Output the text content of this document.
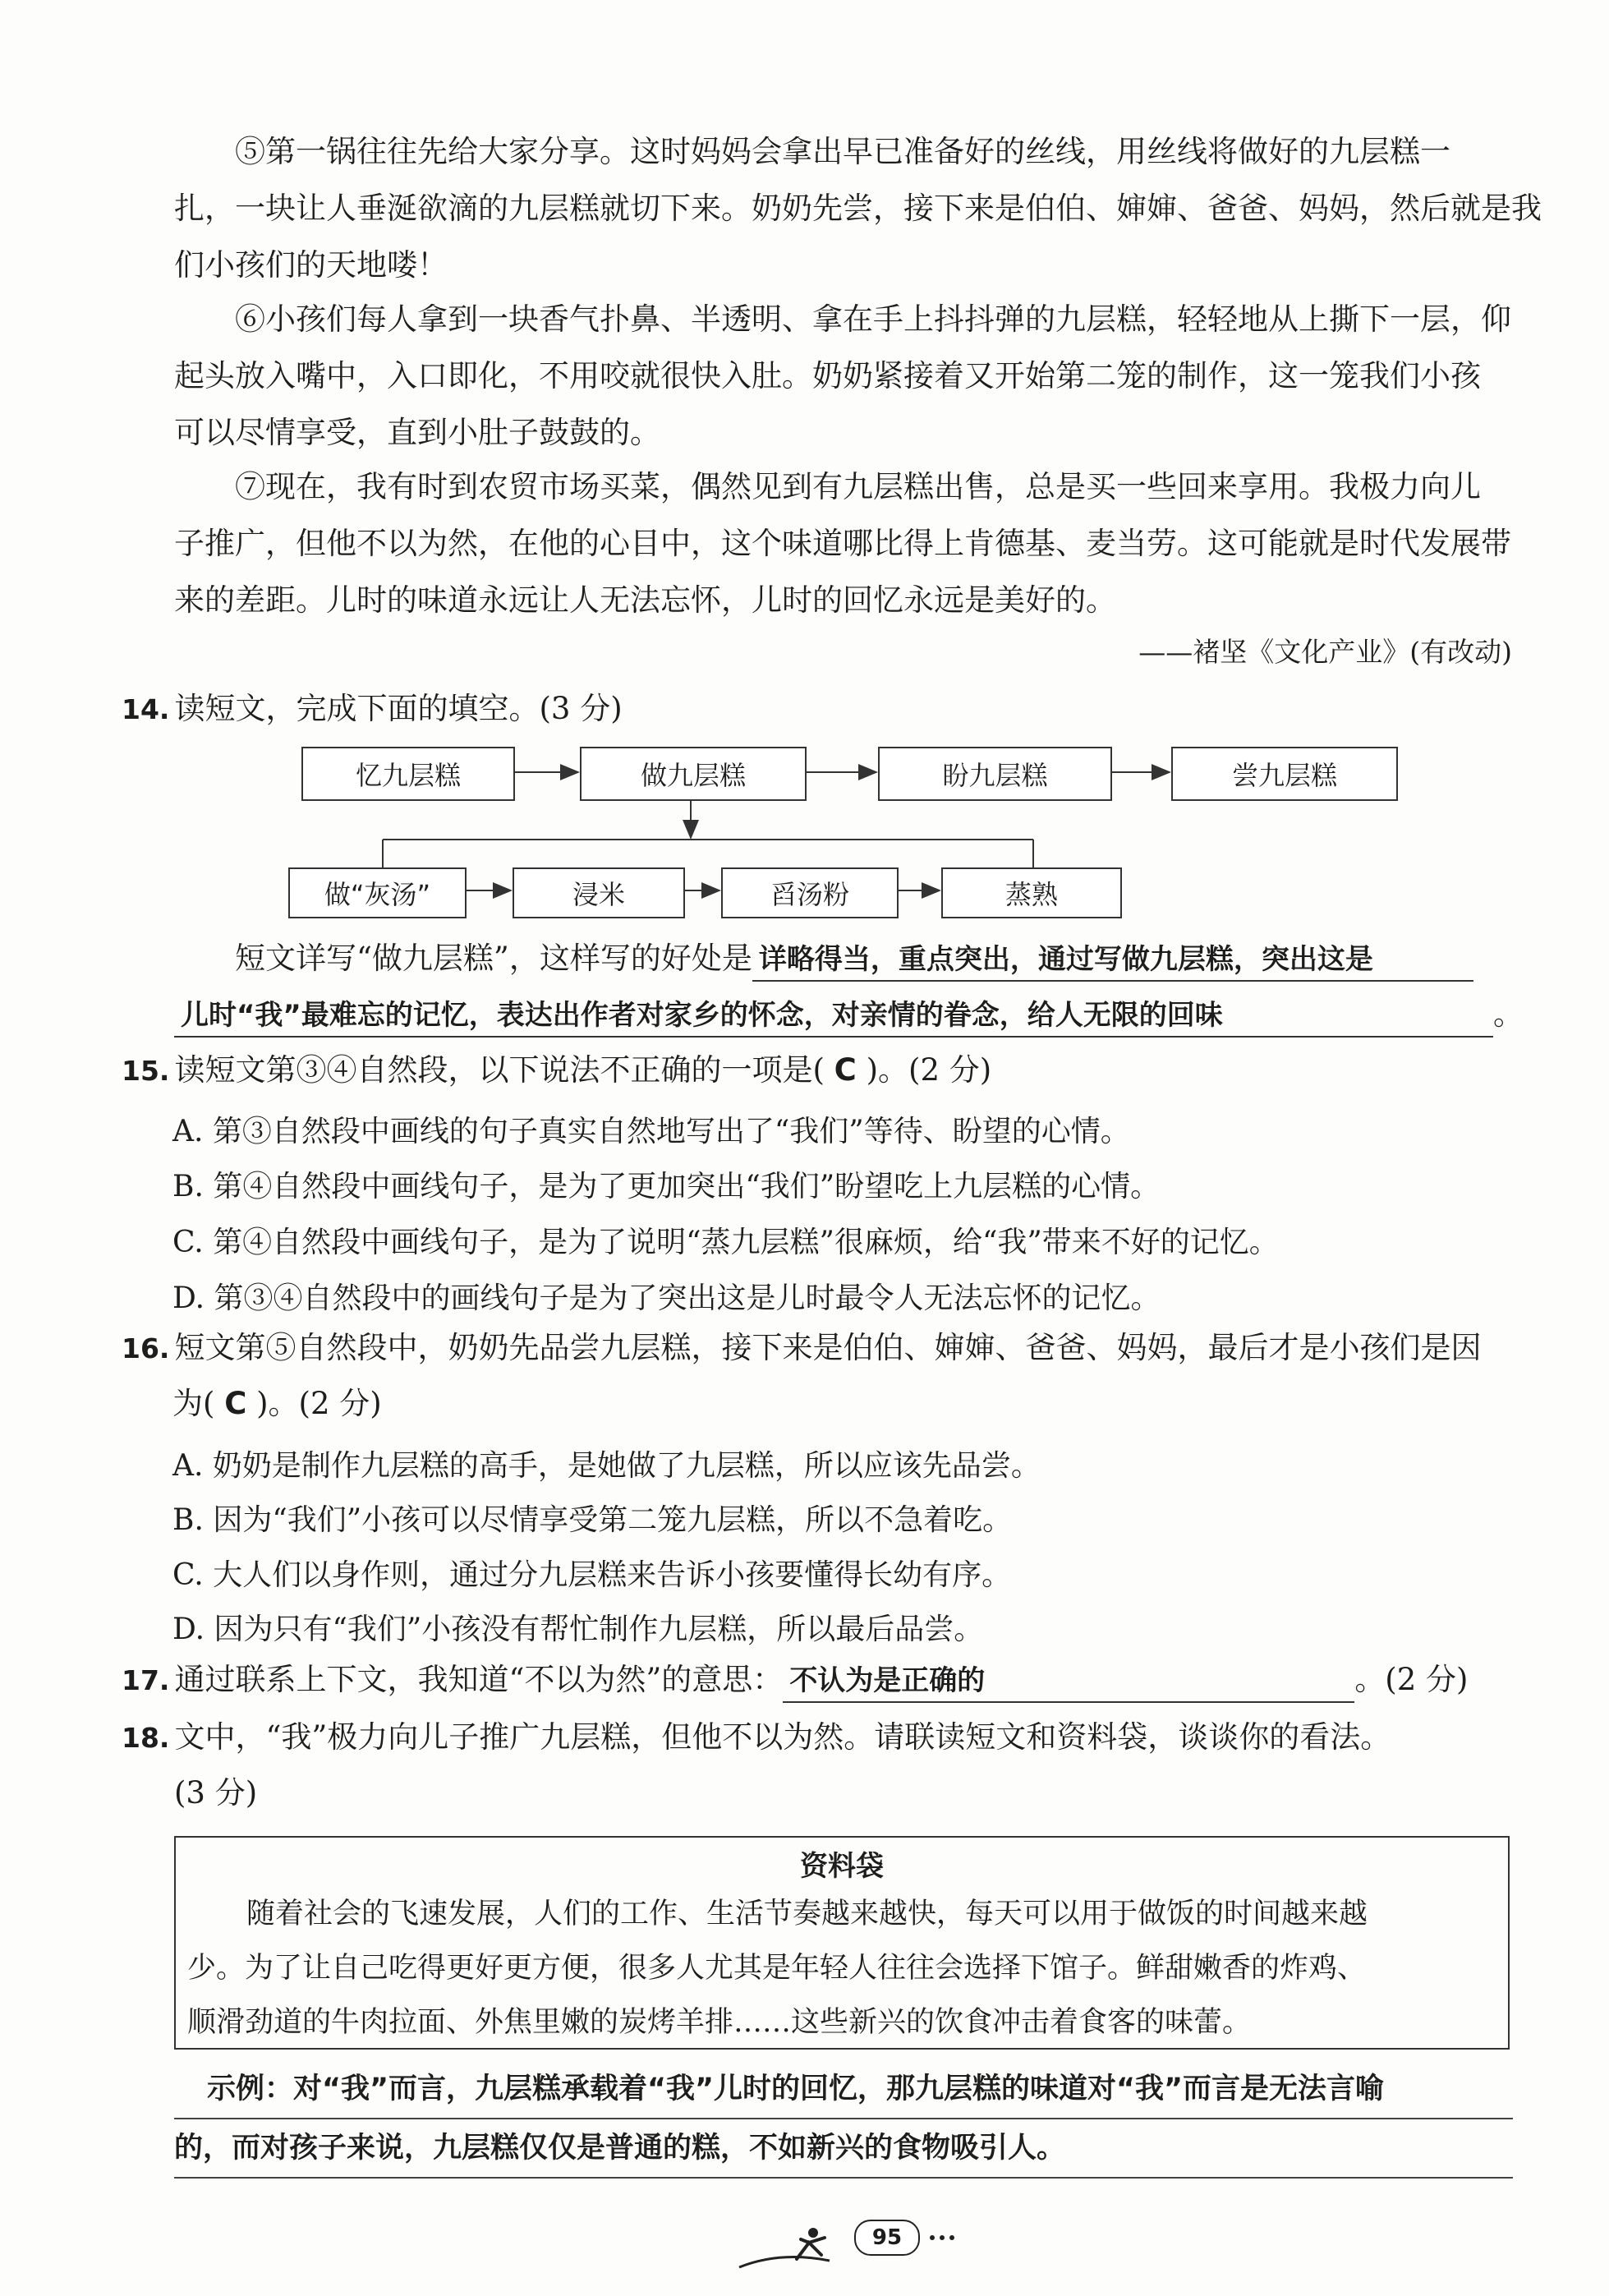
⑤第一锅往往先给大家分享。这时妈妈会拿出早已准备好的丝线，用丝线将做好的九层糕一
扎，一块让人垂涎欲滴的九层糕就切下来。奶奶先尝，接下来是伯伯、婶婶、爸爸、妈妈，然后就是我
们小孩们的天地喽！

⑥小孩们每人拿到一块香气扑鼻、半透明、拿在手上抖抖弹的九层糕，轻轻地从上撕下一层，仰
起头放入嘴中，入口即化，不用咬就很快入肚。奶奶紧接着又开始第二笼的制作，这一笼我们小孩
可以尽情享受，直到小肚子鼓鼓的。

⑦现在，我有时到农贸市场买菜，偶然见到有九层糕出售，总是买一些回来享用。我极力向儿
子推广，但他不以为然，在他的心目中，这个味道哪比得上肯德基、麦当劳。这可能就是时代发展带
来的差距。儿时的味道永远让人无法忘怀，儿时的回忆永远是美好的。

——褚坚《文化产业》(有改动)
14. 读短文，完成下面的填空。(3 分)
忆九层糕	做九层糕	盼九层糕	尝九层糕
做“灰汤”	浸米	舀汤粉	蒸熟
短文详写“做九层糕”，这样写的好处是 详略得当，重点突出，通过写做九层糕，突出这是
儿时“我”最难忘的记忆，表达出作者对家乡的怀念，对亲情的眷念，给人无限的回味	。
15. 读短文第③④自然段，以下说法不正确的一项是( C )。(2 分)
A. 第③自然段中画线的句子真实自然地写出了“我们”等待、盼望的心情。
B. 第④自然段中画线句子，是为了更加突出“我们”盼望吃上九层糕的心情。
C. 第④自然段中画线句子，是为了说明“蒸九层糕”很麻烦，给“我”带来不好的记忆。
D. 第③④自然段中的画线句子是为了突出这是儿时最令人无法忘怀的记忆。
16. 短文第⑤自然段中，奶奶先品尝九层糕，接下来是伯伯、婶婶、爸爸、妈妈，最后才是小孩们是因
为( C )。(2 分)
A. 奶奶是制作九层糕的高手，是她做了九层糕，所以应该先品尝。
B. 因为“我们”小孩可以尽情享受第二笼九层糕，所以不急着吃。
C. 大人们以身作则，通过分九层糕来告诉小孩要懂得长幼有序。
D. 因为只有“我们”小孩没有帮忙制作九层糕，所以最后品尝。
17. 通过联系上下文，我知道“不以为然”的意思： 不认为是正确的	。(2 分)
18. 文中，“我”极力向儿子推广九层糕，但他不以为然。请联读短文和资料袋，谈谈你的看法。
(3 分)
资料袋
随着社会的飞速发展，人们的工作、生活节奏越来越快，每天可以用于做饭的时间越来越
少。为了让自己吃得更好更方便，很多人尤其是年轻人往往会选择下馆子。鲜甜嫩香的炸鸡、
顺滑劲道的牛肉拉面、外焦里嫩的炭烤羊排……这些新兴的饮食冲击着食客的味蕾。
示例：对“我”而言，九层糕承载着“我”儿时的回忆，那九层糕的味道对“我”而言是无法言喻
的，而对孩子来说，九层糕仅仅是普通的糕，不如新兴的食物吸引人。
95
